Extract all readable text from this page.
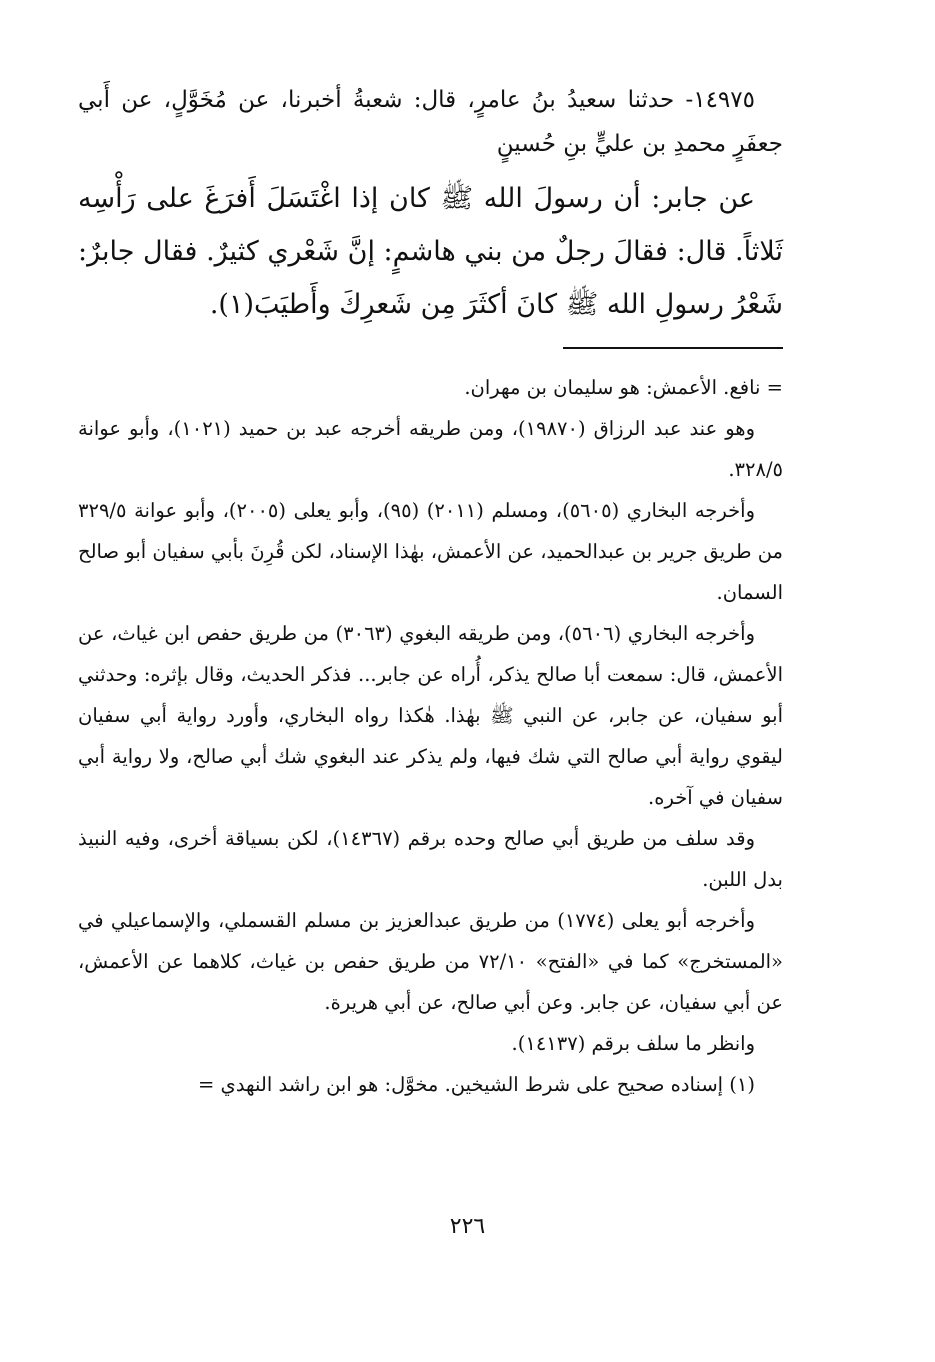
١٤٩٧٥- حدثنا سعيدُ بنُ عامرٍ، قال: شعبةُ أخبرنا، عن مُخَوَّلٍ، عن أَبي جعفَرٍ محمدِ بن عليٍّ بنِ حُسينٍ

عن جابر: أن رسولَ الله ﷺ كان إذا اغْتَسَلَ أَفرَغَ على رَأْسِه ثَلاثاً. قال: فقالَ رجلٌ من بني هاشمٍ: إنَّ شَعْري كثيرٌ. فقال جابرٌ: شَعْرُ رسولِ الله ﷺ كانَ أكثَرَ مِن شَعرِكَ وأَطيَبَ(١).

= نافع. الأعمش: هو سليمان بن مهران.

وهو عند عبد الرزاق (١٩٨٧٠)، ومن طريقه أخرجه عبد بن حميد (١٠٢١)، وأبو عوانة ٣٢٨/٥.

وأخرجه البخاري (٥٦٠٥)، ومسلم (٢٠١١) (٩٥)، وأبو يعلى (٢٠٠٥)، وأبو عوانة ٣٢٩/٥ من طريق جرير بن عبدالحميد، عن الأعمش، بهٰذا الإسناد، لكن قُرِنَ بأبي سفيان أبو صالح السمان.

وأخرجه البخاري (٥٦٠٦)، ومن طريقه البغوي (٣٠٦٣) من طريق حفص ابن غياث، عن الأعمش، قال: سمعت أبا صالح يذكر، أُراه عن جابر... فذكر الحديث، وقال بإثره: وحدثني أبو سفيان، عن جابر، عن النبي ﷺ بهٰذا. هٰكذا رواه البخاري، وأورد رواية أبي سفيان ليقوي رواية أبي صالح التي شك فيها، ولم يذكر عند البغوي شك أبي صالح، ولا رواية أبي سفيان في آخره.

وقد سلف من طريق أبي صالح وحده برقم (١٤٣٦٧)، لكن بسياقة أخرى، وفيه النبيذ بدل اللبن.

وأخرجه أبو يعلى (١٧٧٤) من طريق عبدالعزيز بن مسلم القسملي، والإسماعيلي في «المستخرج» كما في «الفتح» ٧٢/١٠ من طريق حفص بن غياث، كلاهما عن الأعمش، عن أبي سفيان، عن جابر. وعن أبي صالح، عن أبي هريرة.

وانظر ما سلف برقم (١٤١٣٧).

(١) إسناده صحيح على شرط الشيخين. مخوَّل: هو ابن راشد النهدي =

٢٢٦
